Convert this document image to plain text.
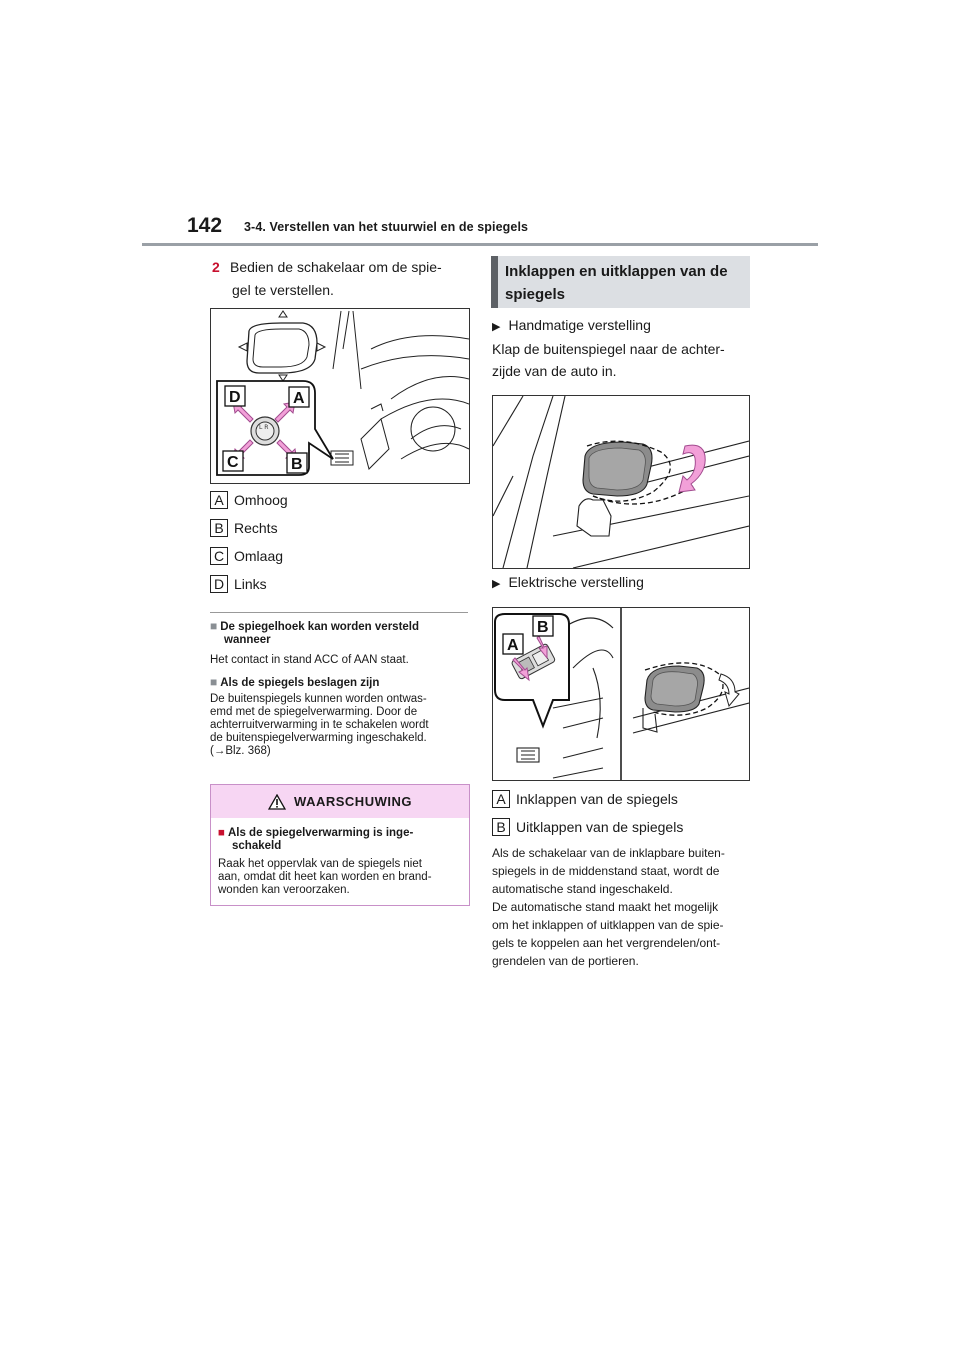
142 3-4. Verstellen van het stuurwiel en de spiegels
2 Bedien de schakelaar om de spie-
gel te verstellen.
L R
D	A
C	B
A Omhoog
B Rechts
C Omlaag
D Links
■ De spiegelhoek kan worden versteld
wanneer
Het contact in stand ACC of AAN staat.
■ Als de spiegels beslagen zijn
De buitenspiegels kunnen worden ontwas-
emd met de spiegelverwarming. Door de
achterruitverwarming in te schakelen wordt
de buitenspiegelverwarming ingeschakeld.
(→Blz. 368)
WAARSCHUWING
■ Als de spiegelverwarming is inge-
schakeld
Raak het oppervlak van de spiegels niet
aan, omdat dit heet kan worden en brand-
wonden kan veroorzaken.
Inklappen en uitklappen van de
spiegels
▶ Handmatige verstelling
Klap de buitenspiegel naar de achter-
zijde van de auto in.
▶ Elektrische verstelling
A
B
A Inklappen van de spiegels
B Uitklappen van de spiegels
Als de schakelaar van de inklapbare buiten-
spiegels in de middenstand staat, wordt de
automatische stand ingeschakeld.
De automatische stand maakt het mogelijk
om het inklappen of uitklappen van de spie-
gels te koppelen aan het vergrendelen/ont-
grendelen van de portieren.
